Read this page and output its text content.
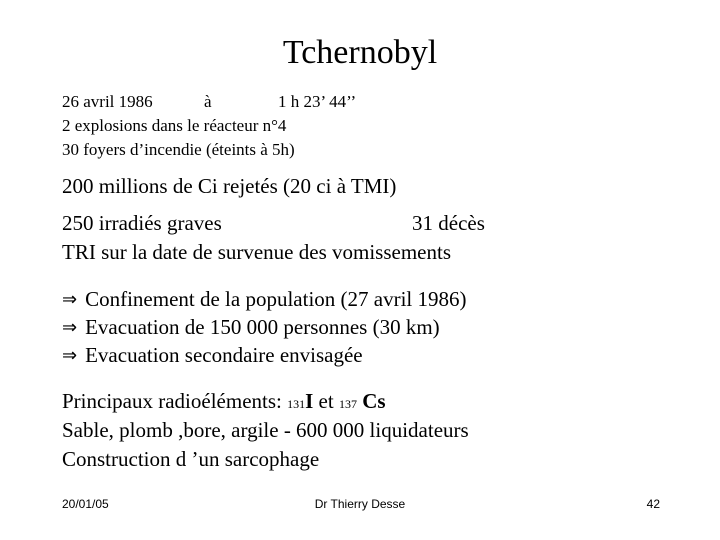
Tchernobyl
26 avril 1986	à	1 h 23’ 44’’
2 explosions dans le réacteur n°4
30 foyers d’incendie (éteints à 5h)
200 millions de Ci rejetés (20 ci à TMI)
250 irradiés graves	31 décès
TRI sur la date de survenue des vomissements
⇒ Confinement de la population (27 avril 1986)
⇒ Evacuation de 150 000 personnes (30 km)
⇒ Evacuation secondaire envisagée
Principaux radioéléments: 131I et 137 Cs
Sable, plomb ,bore, argile - 600 000 liquidateurs
Construction d ’un sarcophage
20/01/05	Dr Thierry Desse	42
